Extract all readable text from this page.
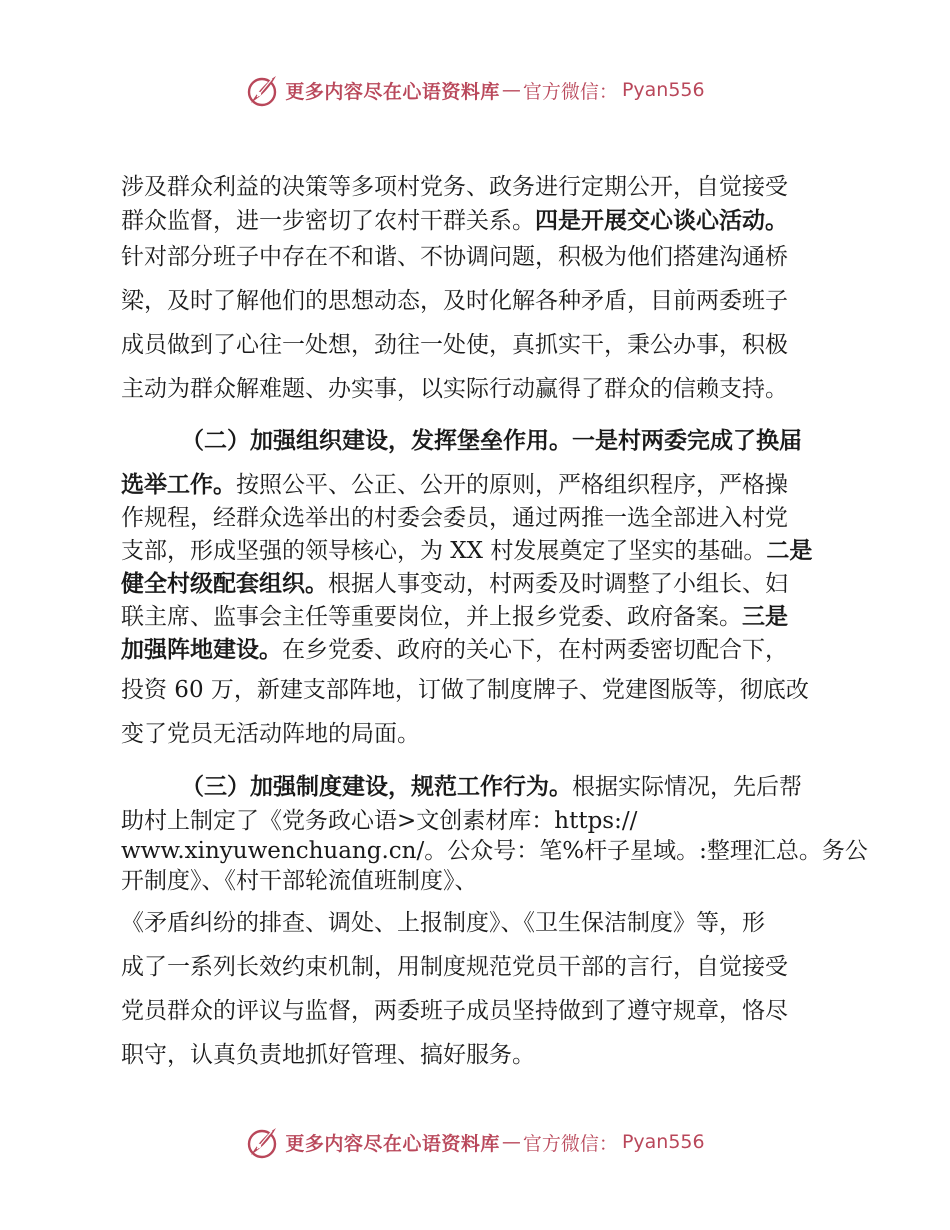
更多内容尽在心语资料库 — 官方微信： Pyan556
涉及群众利益的决策等多项村党务、政务进行定期公开，自觉接受
群众监督，进一步密切了农村干群关系。四是开展交心谈心活动。
针对部分班子中存在不和谐、不协调问题，积极为他们搭建沟通桥
梁，及时了解他们的思想动态，及时化解各种矛盾，目前两委班子
成员做到了心往一处想，劲往一处使，真抓实干，秉公办事，积极
主动为群众解难题、办实事，以实际行动赢得了群众的信赖支持。
（二）加强组织建设，发挥堡垒作用。一是村两委完成了换届
选举工作。按照公平、公正、公开的原则，严格组织程序，严格操
作规程，经群众选举出的村委会委员，通过两推一选全部进入村党
支部，形成坚强的领导核心，为 XX 村发展奠定了坚实的基础。二是
健全村级配套组织。根据人事变动，村两委及时调整了小组长、妇
联主席、监事会主任等重要岗位，并上报乡党委、政府备案。三是
加强阵地建设。在乡党委、政府的关心下，在村两委密切配合下，
投资 60 万，新建支部阵地，订做了制度牌子、党建图版等，彻底改
变了党员无活动阵地的局面。
（三）加强制度建设，规范工作行为。根据实际情况，先后帮
助村上制定了《党务政心语>文创素材库：https://
www.xinyuwenchuang.cn/。公众号：笔%杆子星域。:整理汇总。务公
开制度》、《村干部轮流值班制度》、
《矛盾纠纷的排查、调处、上报制度》、《卫生保洁制度》等，形
成了一系列长效约束机制，用制度规范党员干部的言行，自觉接受
党员群众的评议与监督，两委班子成员坚持做到了遵守规章，恪尽
职守，认真负责地抓好管理、搞好服务。
更多内容尽在心语资料库 — 官方微信： Pyan556
